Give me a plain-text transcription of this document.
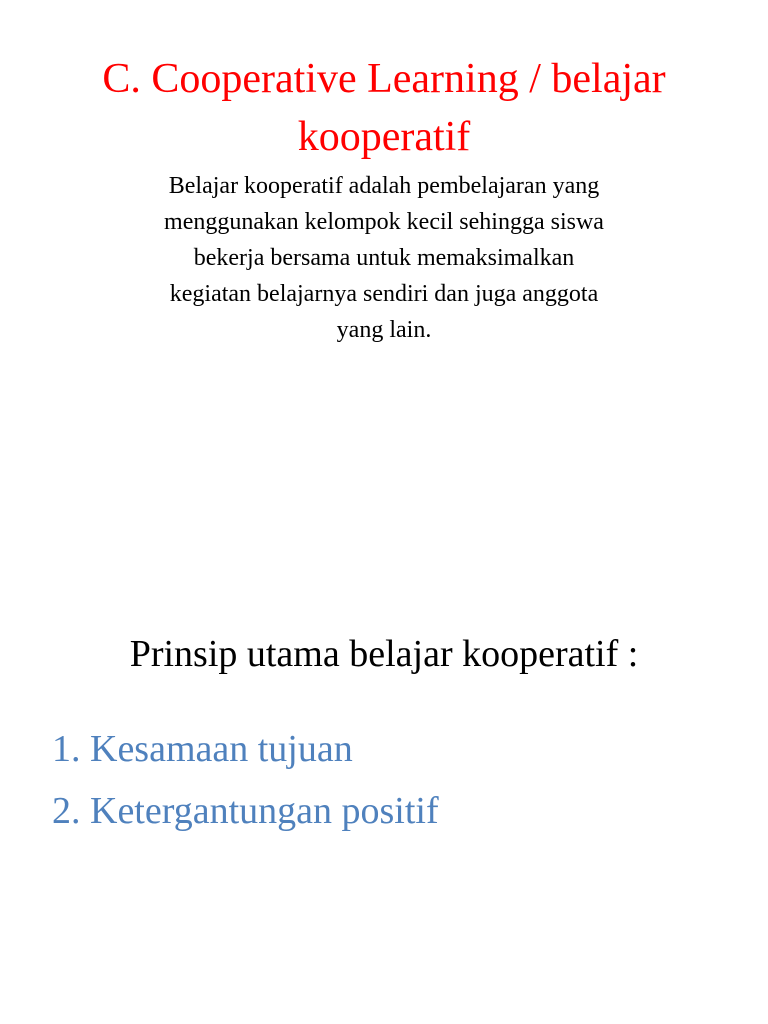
C. Cooperative Learning / belajar
kooperatif

Belajar kooperatif adalah pembelajaran yang
menggunakan kelompok kecil sehingga siswa
bekerja bersama untuk memaksimalkan
kegiatan belajarnya sendiri dan juga anggota
yang lain.

Prinsip utama belajar kooperatif :
1. Kesamaan tujuan
2. Ketergantungan positif
